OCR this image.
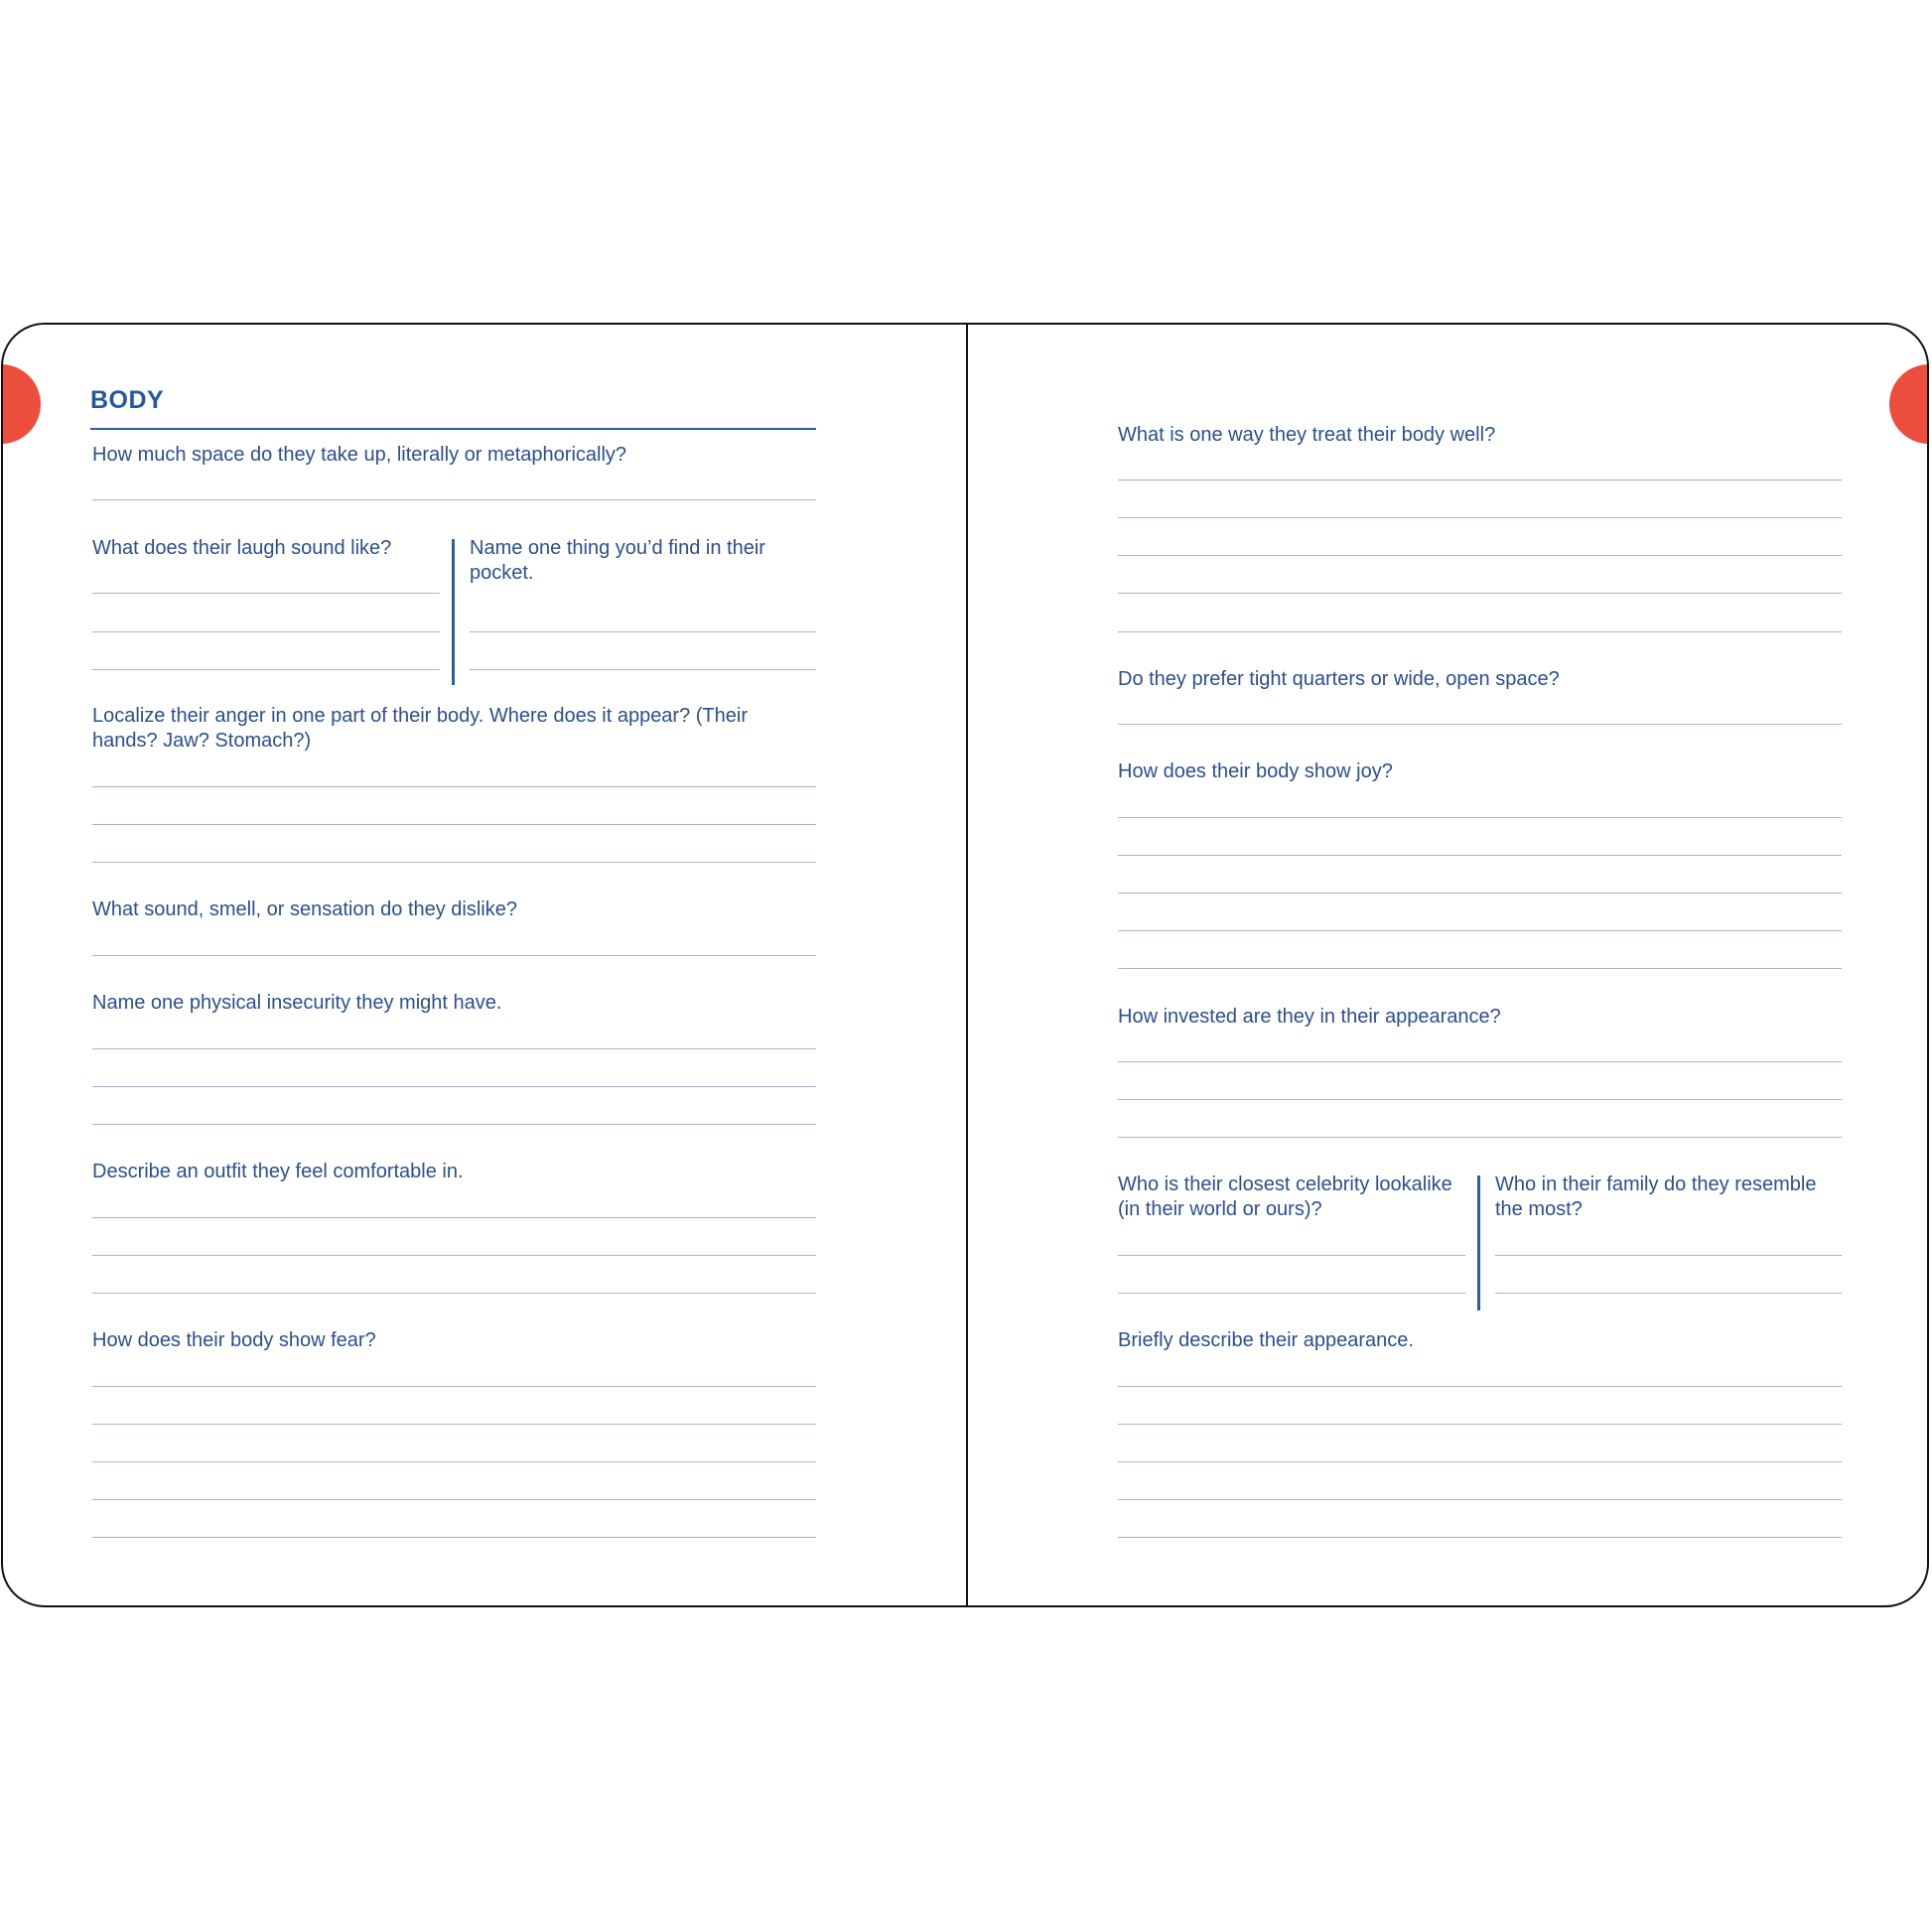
BODY

How much space do they take up, literally or metaphorically?

What does their laugh sound like?	Name one thing you’d find in their pocket.

Localize their anger in one part of their body. Where does it appear? (Their hands? Jaw? Stomach?)

What sound, smell, or sensation do they dislike?

Name one physical insecurity they might have.

Describe an outfit they feel comfortable in.

How does their body show fear?

What is one way they treat their body well?

Do they prefer tight quarters or wide, open space?

How does their body show joy?

How invested are they in their appearance?

Who is their closest celebrity lookalike (in their world or ours)?

Who in their family do they resemble the most?

Briefly describe their appearance.
